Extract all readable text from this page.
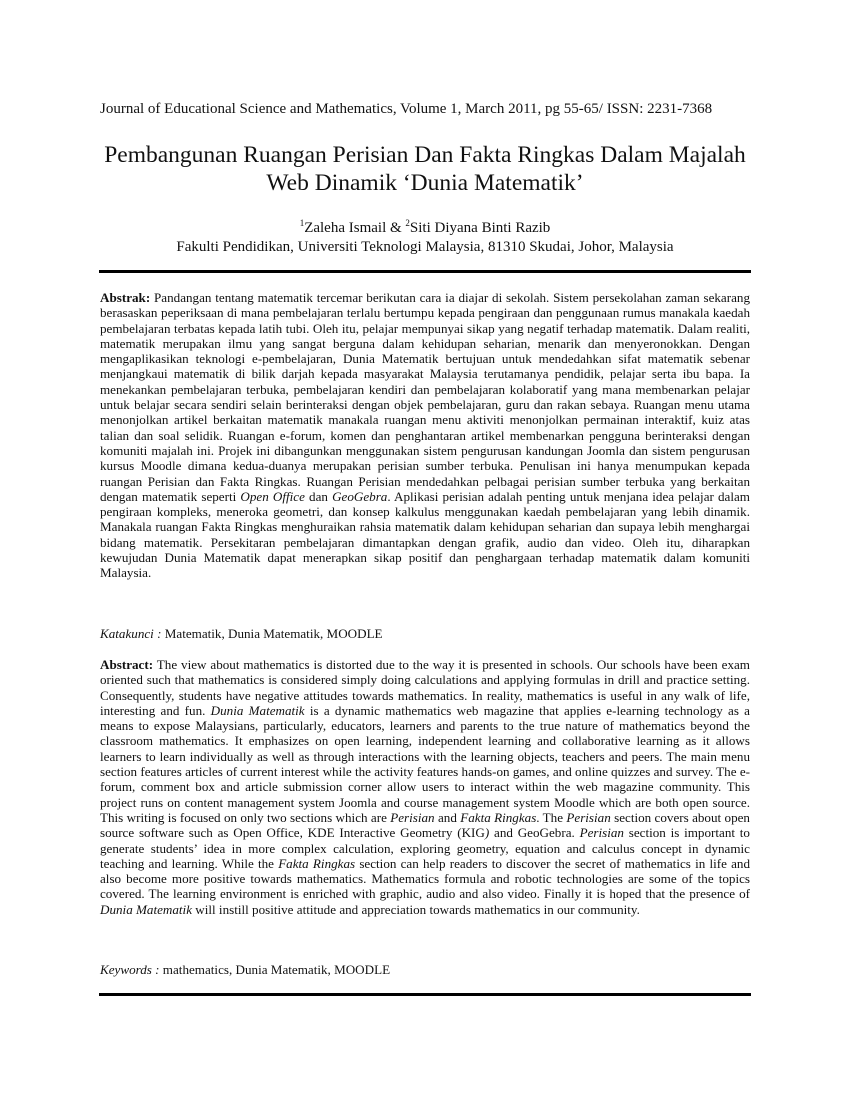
Journal of Educational Science and Mathematics, Volume 1, March 2011, pg 55-65/ ISSN: 2231-7368
Pembangunan Ruangan Perisian Dan Fakta Ringkas Dalam Majalah
Web Dinamik ‘Dunia Matematik’
$^1$Zaleha Ismail & $^2$Siti Diyana Binti Razib
Fakulti Pendidikan, Universiti Teknologi Malaysia, 81310 Skudai, Johor, Malaysia
Abstrak: Pandangan tentang matematik tercemar berikutan cara ia diajar di sekolah. Sistem persekolahan zaman sekarang berasaskan peperiksaan di mana pembelajaran terlalu bertumpu kepada pengiraan dan penggunaan rumus manakala kaedah pembelajaran terbatas kepada latih tubi. Oleh itu, pelajar mempunyai sikap yang negatif terhadap matematik. Dalam realiti, matematik merupakan ilmu yang sangat berguna dalam kehidupan seharian, menarik dan menyeronokkan. Dengan mengaplikasikan teknologi e-pembelajaran, Dunia Matematik bertujuan untuk mendedahkan sifat matematik sebenar menjangkaui matematik di bilik darjah kepada masyarakat Malaysia terutamanya pendidik, pelajar serta ibu bapa. Ia menekankan pembelajaran terbuka, pembelajaran kendiri dan pembelajaran kolaboratif yang mana membenarkan pelajar untuk belajar secara sendiri selain berinteraksi dengan objek pembelajaran, guru dan rakan sebaya. Ruangan menu utama menonjolkan artikel berkaitan matematik manakala ruangan menu aktiviti menonjolkan permainan interaktif, kuiz atas talian dan soal selidik. Ruangan e-forum, komen dan penghantaran artikel membenarkan pengguna berinteraksi dengan komuniti majalah ini. Projek ini dibangunkan menggunakan sistem pengurusan kandungan Joomla dan sistem pengurusan kursus Moodle dimana kedua-duanya merupakan perisian sumber terbuka. Penulisan ini hanya menumpukan kepada ruangan Perisian dan Fakta Ringkas. Ruangan Perisian mendedahkan pelbagai perisian sumber terbuka yang berkaitan dengan matematik seperti Open Office dan GeoGebra. Aplikasi perisian adalah penting untuk menjana idea pelajar dalam pengiraan kompleks, meneroka geometri, dan konsep kalkulus menggunakan kaedah pembelajaran yang lebih dinamik. Manakala ruangan Fakta Ringkas menghuraikan rahsia matematik dalam kehidupan seharian dan supaya lebih menghargai bidang matematik. Persekitaran pembelajaran dimantapkan dengan grafik, audio dan video. Oleh itu, diharapkan kewujudan Dunia Matematik dapat menerapkan sikap positif dan penghargaan terhadap matematik dalam komuniti Malaysia.
Katakunci : Matematik, Dunia Matematik, MOODLE
Abstract: The view about mathematics is distorted due to the way it is presented in schools. Our schools have been exam oriented such that mathematics is considered simply doing calculations and applying formulas in drill and practice setting. Consequently, students have negative attitudes towards mathematics. In reality, mathematics is useful in any walk of life, interesting and fun. Dunia Matematik is a dynamic mathematics web magazine that applies e-learning technology as a means to expose Malaysians, particularly, educators, learners and parents to the true nature of mathematics beyond the classroom mathematics. It emphasizes on open learning, independent learning and collaborative learning as it allows learners to learn individually as well as through interactions with the learning objects, teachers and peers. The main menu section features articles of current interest while the activity features hands-on games, and online quizzes and survey. The e-forum, comment box and article submission corner allow users to interact within the web magazine community. This project runs on content management system Joomla and course management system Moodle which are both open source. This writing is focused on only two sections which are Perisian and Fakta Ringkas. The Perisian section covers about open source software such as Open Office, KDE Interactive Geometry (KIG) and GeoGebra. Perisian section is important to generate students’ idea in more complex calculation, exploring geometry, equation and calculus concept in dynamic teaching and learning. While the Fakta Ringkas section can help readers to discover the secret of mathematics in life and also become more positive towards mathematics. Mathematics formula and robotic technologies are some of the topics covered. The learning environment is enriched with graphic, audio and also video. Finally it is hoped that the presence of Dunia Matematik will instill positive attitude and appreciation towards mathematics in our community.
Keywords : mathematics, Dunia Matematik, MOODLE
